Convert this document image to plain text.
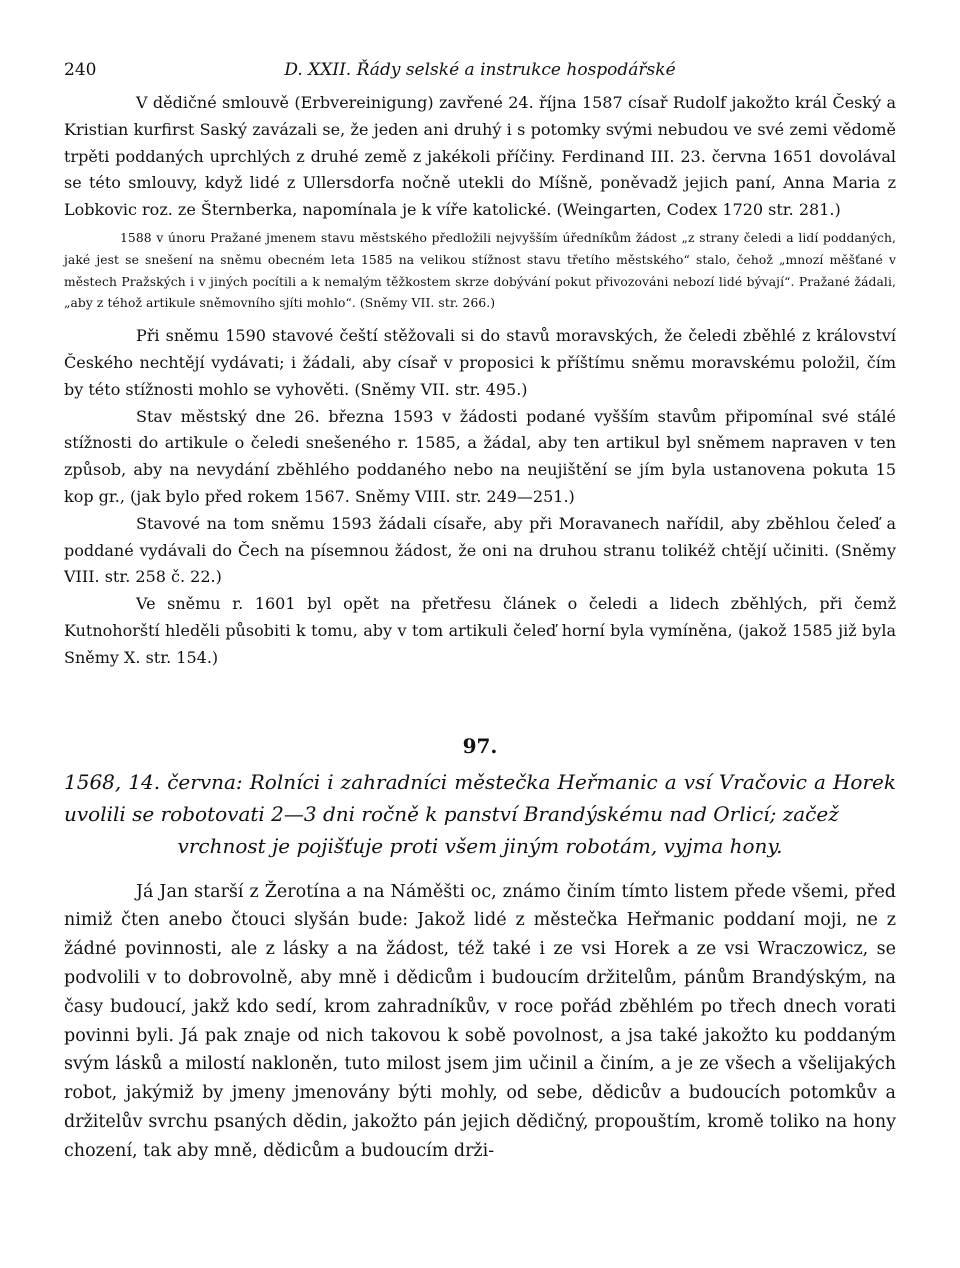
240	D. XXII. Řády selské a instrukce hospodářské

V dědičné smlouvě (Erbvereinigung) zavřené 24. října 1587 císař Rudolf jakožto král Český a Kristian kurfirst Saský zavázali se, že jeden ani druhý i s potomky svými nebudou ve své zemi vědomě trpěti poddaných uprchlých z druhé země z jakékoli příčiny. Ferdinand III. 23. června 1651 dovolával se této smlouvy, když lidé z Ullersdorfa nočně utekli do Míšně, poněvadž jejich paní, Anna Maria z Lobkovic roz. ze Šternberka, napomínala je k víře katolické. (Weingarten, Codex 1720 str. 281.)

1588 v únoru Pražané jmenem stavu městského předložili nejvyšším úředníkům žádost „z strany čeledi a lidí poddaných, jaké jest se snešení na sněmu obecném leta 1585 na velikou stížnost stavu třetího městského“ stalo, čehož „mnozí měšťané v městech Pražských i v jiných pocítili a k nemalým těžkostem skrze dobývání pokut přivozováni nebozí lidé bývají“. Pražané žádali, „aby z téhož artikule sněmovního sjíti mohlo“. (Sněmy VII. str. 266.)

Při sněmu 1590 stavové čeští stěžovali si do stavů moravských, že čeledi zběhlé z království Českého nechtějí vydávati; i žádali, aby císař v proposici k příštímu sněmu moravskému položil, čím by této stížnosti mohlo se vyhověti. (Sněmy VII. str. 495.)

Stav městský dne 26. března 1593 v žádosti podané vyšším stavům připomínal své stálé stížnosti do artikule o čeledi snešeného r. 1585, a žádal, aby ten artikul byl sněmem napraven v ten způsob, aby na nevydání zběhlého poddaného nebo na neujištění se jím byla ustanovena pokuta 15 kop gr., (jak bylo před rokem 1567. Sněmy VIII. str. 249—251.)

Stavové na tom sněmu 1593 žádali císaře, aby při Moravanech nařídil, aby zběhlou čeleď a poddané vydávali do Čech na písemnou žádost, že oni na druhou stranu tolikéž chtějí učiniti. (Sněmy VIII. str. 258 č. 22.)

Ve sněmu r. 1601 byl opět na přetřesu článek o čeledi a lidech zběhlých, při čemž Kutnohorští hleděli působiti k tomu, aby v tom artikuli čeleď horní byla vymíněna, (jakož 1585 již byla Sněmy X. str. 154.)

97.
1568, 14. června: Rolníci i zahradníci městečka Heřmanic a vsí Vračovic a Horek uvolili se robotovati 2—3 dni ročně k panství Brandýskému nad Orlicí; začež
vrchnost je pojišťuje proti všem jiným robotám, vyjma hony.

Já Jan starší z Žerotína a na Náměšti oc, známo činím tímto listem přede všemi, před nimiž čten anebo čtouci slyšán bude: Jakož lidé z městečka Heřmanic poddaní moji, ne z žádné povinnosti, ale z lásky a na žádost, též také i ze vsi Horek a ze vsi Wraczowicz, se podvolili v to dobrovolně, aby mně i dědicům i budoucím držitelům, pánům Brandýským, na časy budoucí, jakž kdo sedí, krom zahradníkův, v roce pořád zběhlém po třech dnech vorati povinni byli. Já pak znaje od nich takovou k sobě povolnost, a jsa také jakožto ku poddaným svým lásků a milostí nakloněn, tuto milost jsem jim učinil a činím, a je ze všech a všelijakých robot, jakýmiž by jmeny jmenovány býti mohly, od sebe, dědicův a budoucích potomkův a držitelův svrchu psaných dědin, jakožto pán jejich dědičný, propouštím, kromě toliko na hony chození, tak aby mně, dědicům a budoucím drži-
